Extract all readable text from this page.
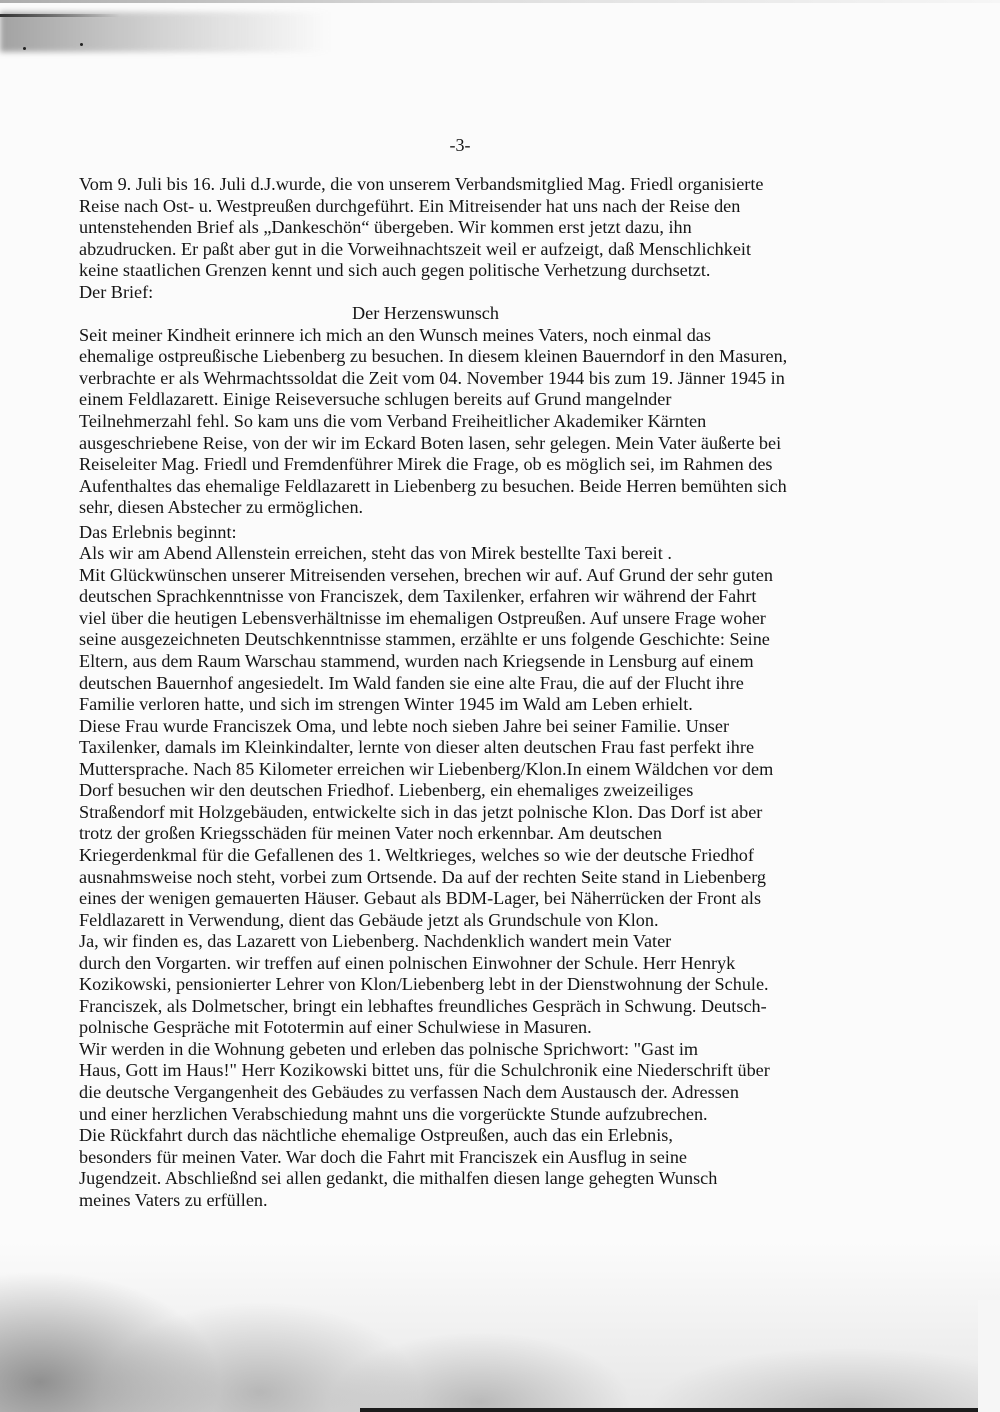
-3-
Vom 9. Juli bis 16. Juli d.J.wurde, die von unserem Verbandsmitglied Mag. Friedl organisierte
Reise nach Ost- u. Westpreußen durchgeführt. Ein Mitreisender hat uns nach der Reise den
untenstehenden Brief als „Dankeschön“ übergeben. Wir kommen erst jetzt dazu, ihn
abzudrucken. Er paßt aber gut in die Vorweihnachtszeit weil er aufzeigt, daß Menschlichkeit
keine staatlichen Grenzen kennt und sich auch gegen politische Verhetzung durchsetzt.
Der Brief:
Der Herzenswunsch
Seit meiner Kindheit erinnere ich mich an den Wunsch meines Vaters, noch einmal das
ehemalige ostpreußische Liebenberg zu besuchen. In diesem kleinen Bauerndorf in den Masuren,
verbrachte er als Wehrmachtssoldat die Zeit vom 04. November 1944 bis zum 19. Jänner 1945 in
einem Feldlazarett. Einige Reiseversuche schlugen bereits auf Grund mangelnder
Teilnehmerzahl fehl. So kam uns die vom Verband Freiheitlicher Akademiker Kärnten
ausgeschriebene Reise, von der wir im Eckard Boten lasen, sehr gelegen. Mein Vater äußerte bei
Reiseleiter Mag. Friedl und Fremdenführer Mirek die Frage, ob es möglich sei, im Rahmen des
Aufenthaltes das ehemalige Feldlazarett in Liebenberg zu besuchen. Beide Herren bemühten sich
sehr, diesen Abstecher zu ermöglichen.
Das Erlebnis beginnt:
Als wir am Abend Allenstein erreichen, steht das von Mirek bestellte Taxi bereit .
Mit Glückwünschen unserer Mitreisenden versehen, brechen wir auf. Auf Grund der sehr guten
deutschen Sprachkenntnisse von Franciszek, dem Taxilenker, erfahren wir während der Fahrt
viel über die heutigen Lebensverhältnisse im ehemaligen Ostpreußen. Auf unsere Frage woher
seine ausgezeichneten Deutschkenntnisse stammen, erzählte er uns folgende Geschichte: Seine
Eltern, aus dem Raum Warschau stammend, wurden nach Kriegsende in Lensburg auf einem
deutschen Bauernhof angesiedelt. Im Wald fanden sie eine alte Frau, die auf der Flucht ihre
Familie verloren hatte, und sich im strengen Winter 1945 im Wald am Leben erhielt.
Diese Frau wurde Franciszek Oma, und lebte noch sieben Jahre bei seiner Familie. Unser
Taxilenker, damals im Kleinkindalter, lernte von dieser alten deutschen Frau fast perfekt ihre
Muttersprache. Nach 85 Kilometer erreichen wir Liebenberg/Klon.In einem Wäldchen vor dem
Dorf besuchen wir den deutschen Friedhof. Liebenberg, ein ehemaliges zweizeiliges
Straßendorf mit Holzgebäuden, entwickelte sich in das jetzt polnische Klon. Das Dorf ist aber
trotz der großen Kriegsschäden für meinen Vater noch erkennbar. Am deutschen
Kriegerdenkmal für die Gefallenen des 1. Weltkrieges, welches so wie der deutsche Friedhof
ausnahmsweise noch steht, vorbei zum Ortsende. Da auf der rechten Seite stand in Liebenberg
eines der wenigen gemauerten Häuser. Gebaut als BDM-Lager, bei Näherrücken der Front als
Feldlazarett in Verwendung, dient das Gebäude jetzt als Grundschule von Klon.
Ja, wir finden es, das Lazarett von Liebenberg. Nachdenklich wandert mein Vater
durch den Vorgarten. wir treffen auf einen polnischen Einwohner der Schule. Herr Henryk
Kozikowski, pensionierter Lehrer von Klon/Liebenberg lebt in der Dienstwohnung der Schule.
Franciszek, als Dolmetscher, bringt ein lebhaftes freundliches Gespräch in Schwung. Deutsch-
polnische Gespräche mit Fototermin auf einer Schulwiese in Masuren.
Wir werden in die Wohnung gebeten und erleben das polnische Sprichwort: "Gast im
Haus, Gott im Haus!" Herr Kozikowski bittet uns, für die Schulchronik eine Niederschrift über
die deutsche Vergangenheit des Gebäudes zu verfassen Nach dem Austausch der. Adressen
und einer herzlichen Verabschiedung mahnt uns die vorgerückte Stunde aufzubrechen.
Die Rückfahrt durch das nächtliche ehemalige Ostpreußen, auch das ein Erlebnis,
besonders für meinen Vater. War doch die Fahrt mit Franciszek ein Ausflug in seine
Jugendzeit. Abschließnd sei allen gedankt, die mithalfen diesen lange gehegten Wunsch
meines Vaters zu erfüllen.
